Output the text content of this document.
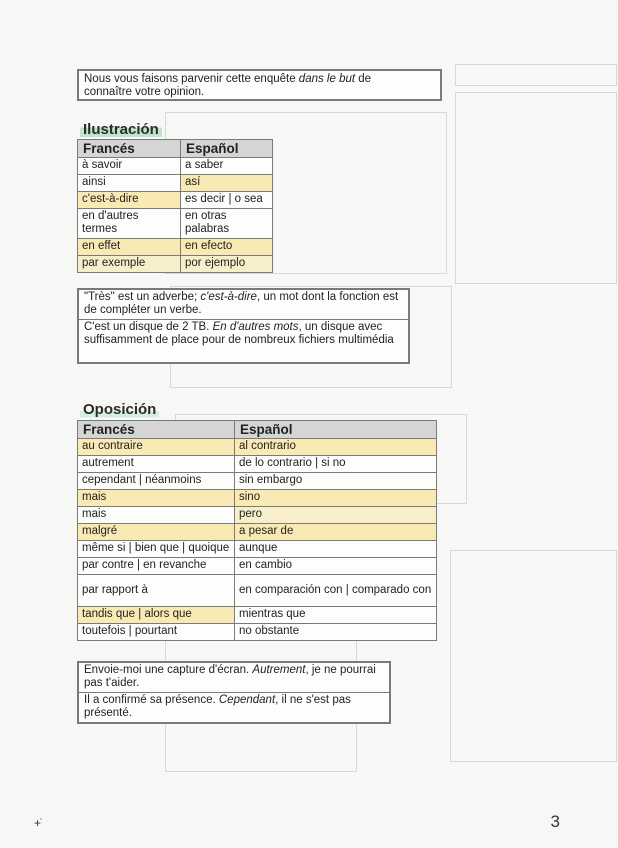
Nous vous faisons parvenir cette enquête dans le but de
connaître votre opinion.
Ilustración
Francés	Español
à savoir	a saber
ainsi	así
c'est-à-dire	es decir | o sea
en d'autres termes	en otras palabras
en effet	en efecto
par exemple	por ejemplo
"Très" est un adverbe; c'est-à-dire, un mot dont la fonction est de compléter un verbe.
C'est un disque de 2 TB. En d'autres mots, un disque avec suffisamment de place pour de nombreux fichiers multimédia
Oposición
Francés	Español
au contraire	al contrario
autrement	de lo contrario | si no
cependant | néanmoins	sin embargo
mais	sino
mais	pero
malgré	a pesar de
même si | bien que | quoique	aunque
par contre | en revanche	en cambio
par rapport à	en comparación con | comparado con
tandis que | alors que	mientras que
toutefois | pourtant	no obstante
Envoie-moi une capture d'écran. Autrement, je ne pourrai pas t'aider.
Il a confirmé sa présence. Cependant, il ne s'est pas présenté.
+̇	3
